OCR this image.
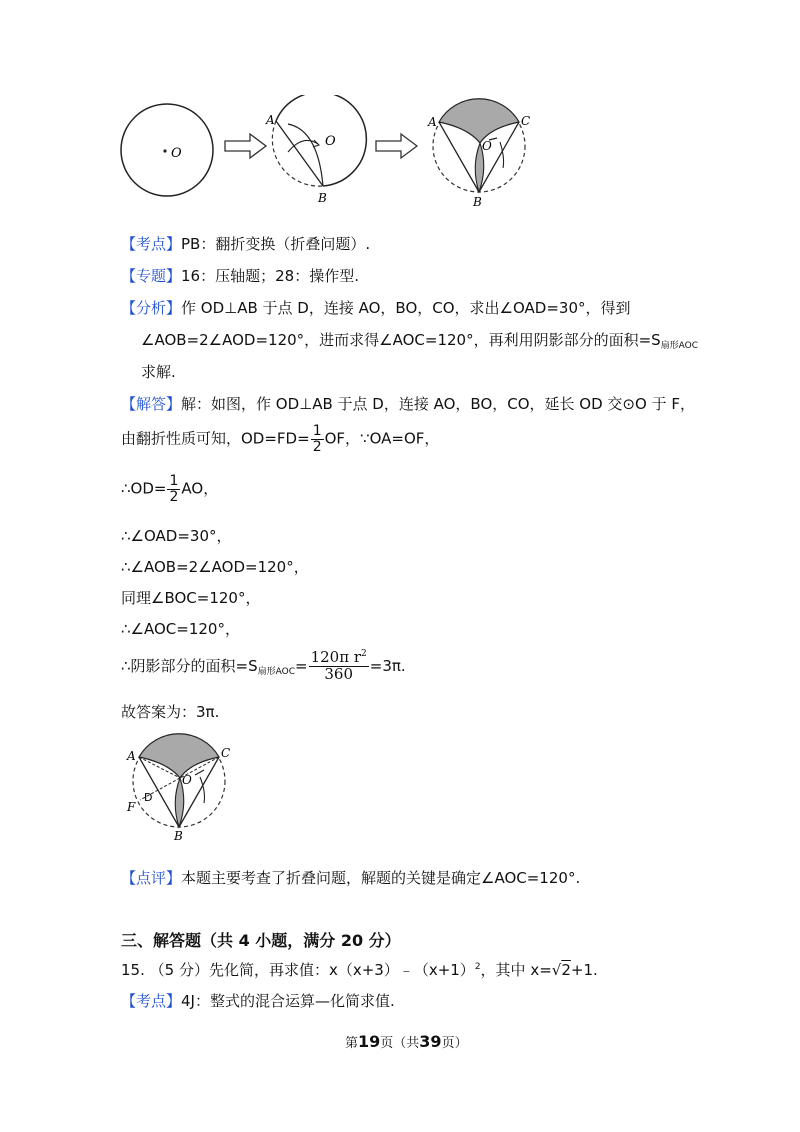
O
A
O
B
A	C
O
B
【考点】PB：翻折变换（折叠问题）.
【专题】16：压轴题；28：操作型.
【分析】作 OD⊥AB 于点 D，连接 AO，BO，CO，求出∠OAD=30°，得到
∠AOB=2∠AOD=120°，进而求得∠AOC=120°，再利用阴影部分的面积$=S_{扇形AOC}$
求解.
【解答】解：如图，作 OD⊥AB 于点 D，连接 AO，BO，CO，延长 OD 交⊙O 于 F，
由翻折性质可知，$OD=FD= \frac{1}{2}$ OF，∵OA=OF，
∴OD= $\frac{1}{2}$ AO，
∴∠OAD=30°，
∴∠AOB=2∠AOD=120°，
同理∠BOC=120°，
∴∠AOC=120°，
∴阴影部分的面积$=S_{扇形AOC}= \frac{120\pi r^2}{360} =3\pi$.
故答案为：3π.
A	C
O
D
F
B
【点评】本题主要考查了折叠问题，解题的关键是确定∠AOC=120°.
三、解答题（共 4 小题，满分 20 分）
15. （5 分）先化简，再求值：$x(x+3)﹣(x+1)^2$，其中 x=√2+1.
【考点】4J：整式的混合运算—化简求值.
第19页（共39页）
